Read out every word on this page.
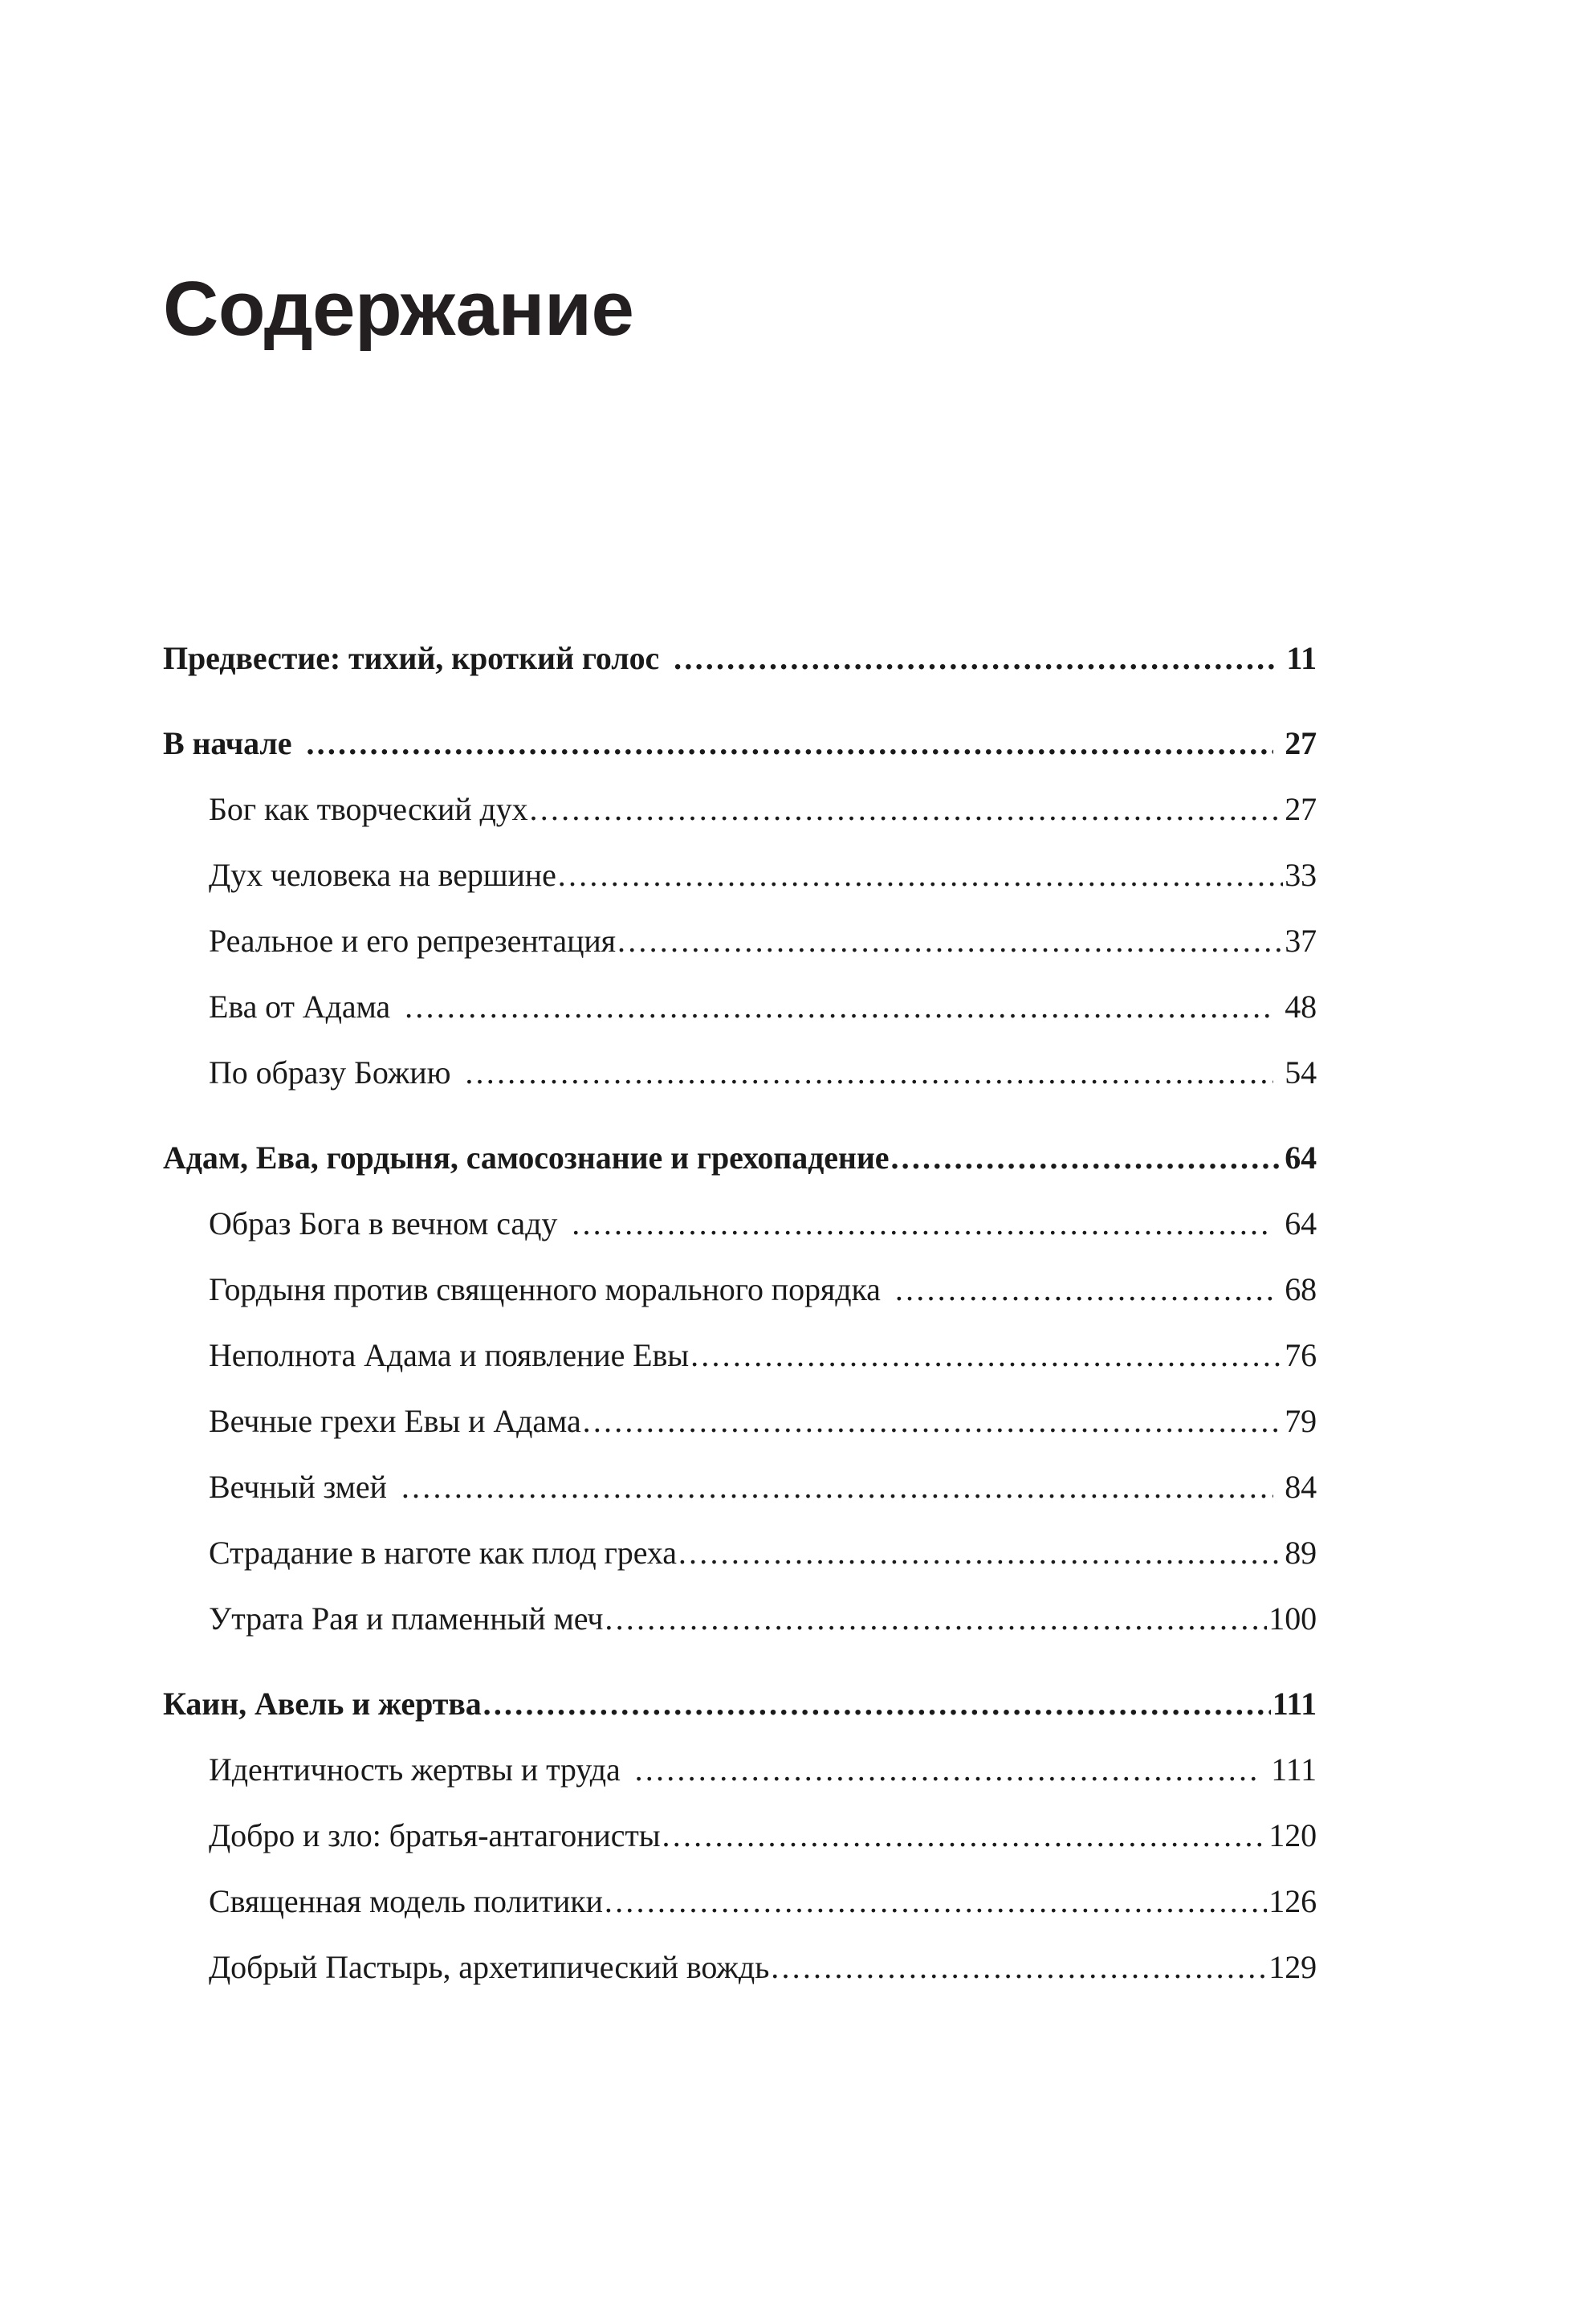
Содержание
Предвестие: тихий, кроткий голос .....	11
В начале .....	27
Бог как творческий дух .....	27
Дух человека на вершине .....	33
Реальное и его репрезентация .....	37
Ева от Адама .....	48
По образу Божию .....	54
Адам, Ева, гордыня, самосознание и грехопадение .....	64
Образ Бога в вечном саду .....	64
Гордыня против священного морального порядка .....	68
Неполнота Адама и появление Евы .....	76
Вечные грехи Евы и Адама .....	79
Вечный змей .....	84
Страдание в наготе как плод греха .....	89
Утрата Рая и пламенный меч .....	100
Каин, Авель и жертва .....	111
Идентичность жертвы и труда .....	111
Добро и зло: братья-антагонисты .....	120
Священная модель политики .....	126
Добрый Пастырь, архетипический вождь .....	129
